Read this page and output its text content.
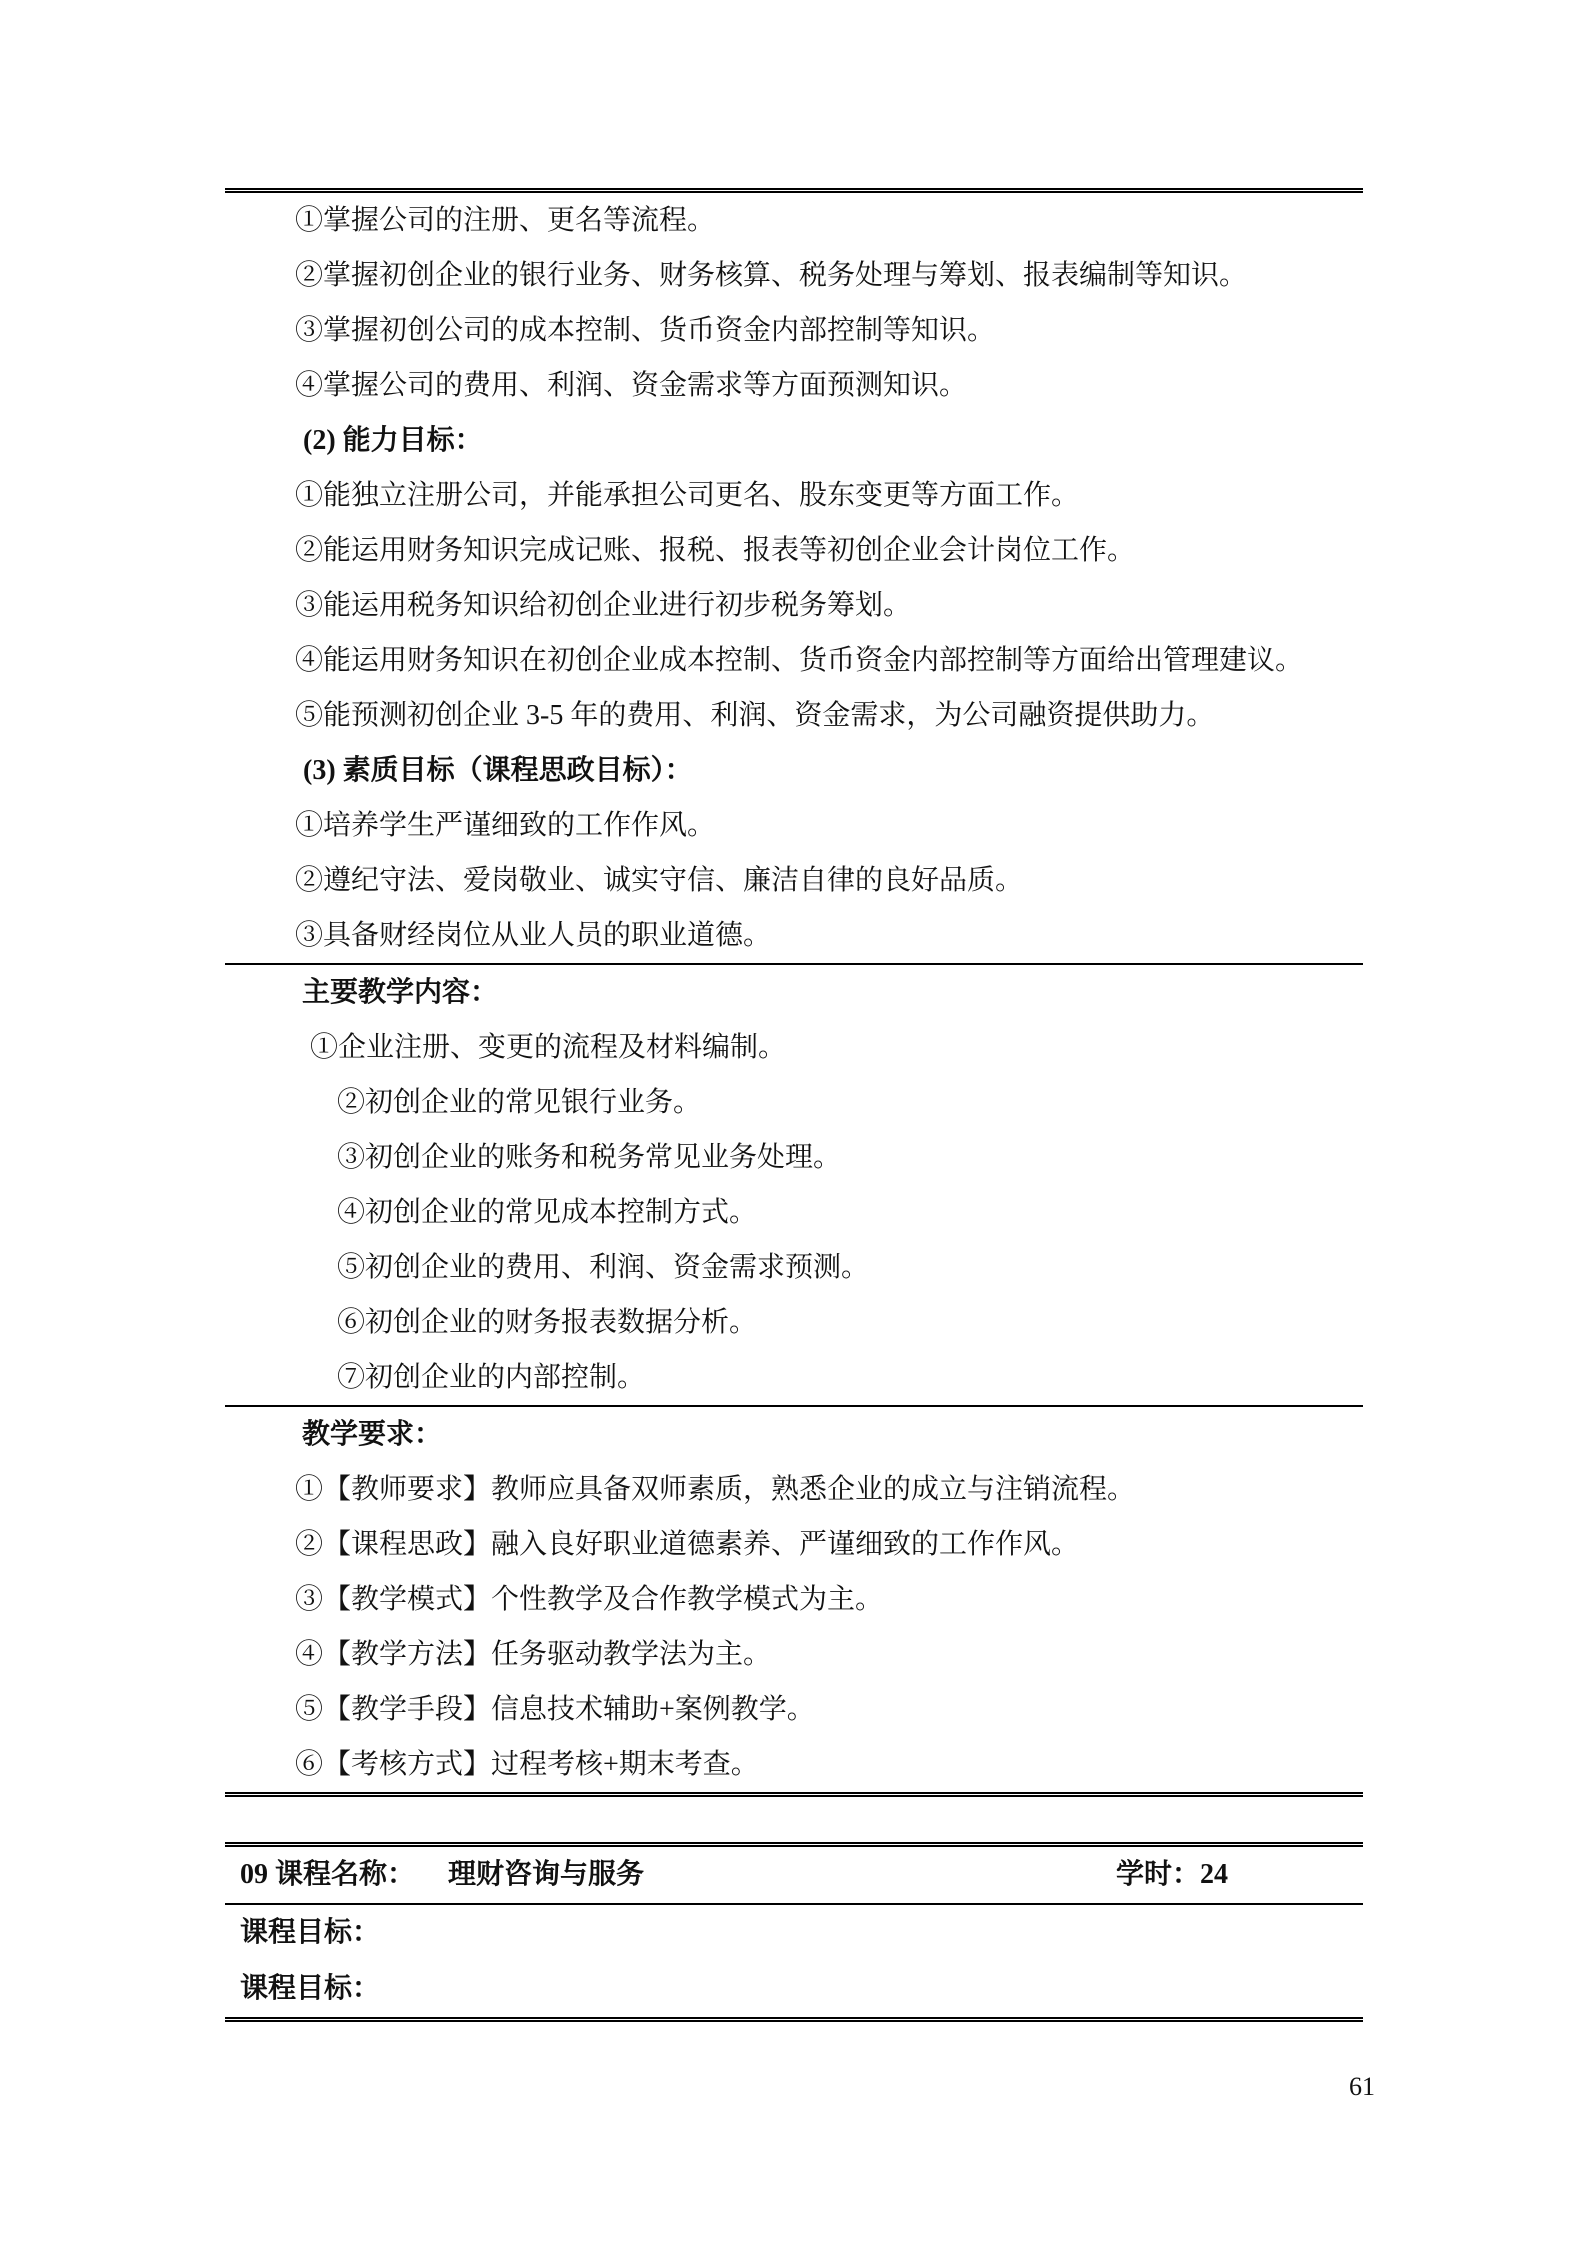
①掌握公司的注册、更名等流程。

②掌握初创企业的银行业务、财务核算、税务处理与筹划、报表编制等知识。

③掌握初创公司的成本控制、货币资金内部控制等知识。

④掌握公司的费用、利润、资金需求等方面预测知识。

(2) 能力目标：

①能独立注册公司，并能承担公司更名、股东变更等方面工作。

②能运用财务知识完成记账、报税、报表等初创企业会计岗位工作。

③能运用税务知识给初创企业进行初步税务筹划。

④能运用财务知识在初创企业成本控制、货币资金内部控制等方面给出管理建议。

⑤能预测初创企业 3-5 年的费用、利润、资金需求，为公司融资提供助力。

(3) 素质目标（课程思政目标）：

①培养学生严谨细致的工作作风。

②遵纪守法、爱岗敬业、诚实守信、廉洁自律的良好品质。

③具备财经岗位从业人员的职业道德。

主要教学内容：

①企业注册、变更的流程及材料编制。

②初创企业的常见银行业务。

③初创企业的账务和税务常见业务处理。

④初创企业的常见成本控制方式。

⑤初创企业的费用、利润、资金需求预测。

⑥初创企业的财务报表数据分析。

⑦初创企业的内部控制。

教学要求：

①【教师要求】教师应具备双师素质，熟悉企业的成立与注销流程。

②【课程思政】融入良好职业道德素养、严谨细致的工作作风。

③【教学模式】个性教学及合作教学模式为主。

④【教学方法】任务驱动教学法为主。

⑤【教学手段】信息技术辅助+案例教学。

⑥【考核方式】过程考核+期末考查。

09 课程名称： 理财咨询与服务	学时：24

课程目标：

课程目标：

61
